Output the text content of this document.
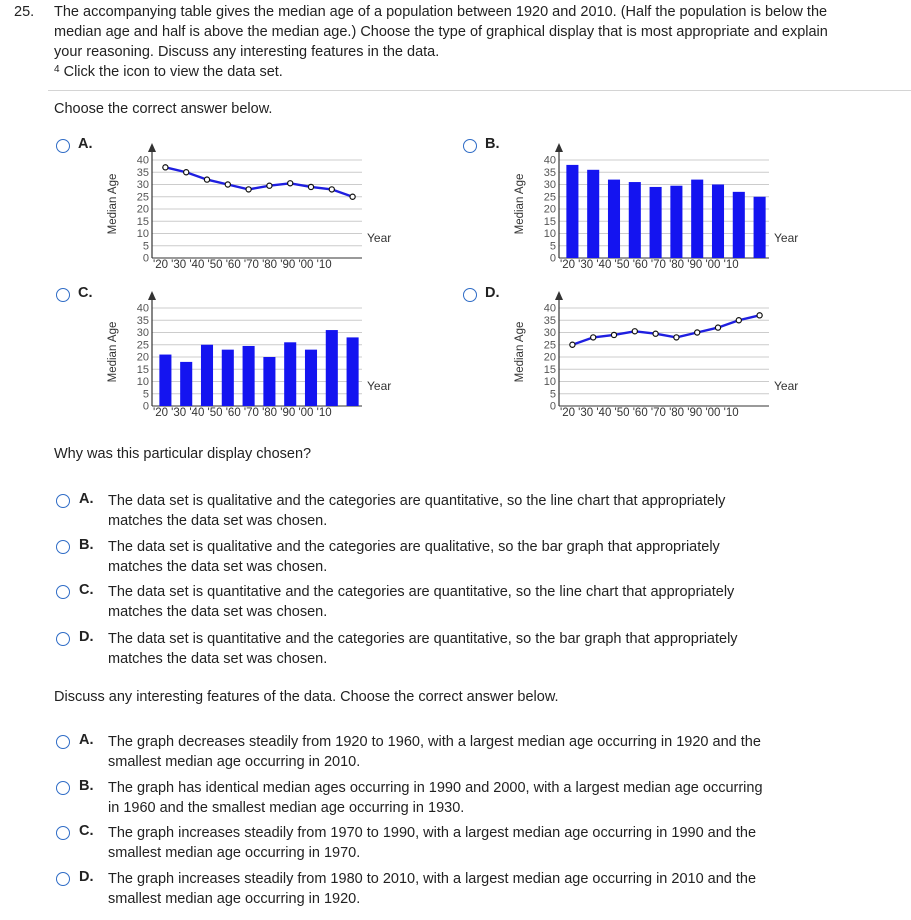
25. The accompanying table gives the median age of a population between 1920 and 2010. (Half the population is below the
median age and half is above the median age.) Choose the type of graphical display that is most appropriate and explain
your reasoning. Discuss any interesting features in the data.
$^4$ Click the icon to view the data set.
Choose the correct answer below.
A.	B.
C.	D.
40
35
30
25
20
15
10
5
0
Median Age
Year
'20 '30 '40 '50 '60 '70 '80 '90 '00 '10
40
35
30
25
20
15
10
5
0
Median Age
Year
'20 '30 '40 '50 '60 '70 '80 '90 '00 '10
40
35
30
25
20
15
10
5
0
Median Age
Year
'20 '30 '40 '50 '60 '70 '80 '90 '00 '10
40
35
30
25
20
15
10
5
0
Median Age
Year
'20 '30 '40 '50 '60 '70 '80 '90 '00 '10
Why was this particular display chosen?
A. The data set is qualitative and the categories are quantitative, so the line chart that appropriately
matches the data set was chosen.
B. The data set is qualitative and the categories are qualitative, so the bar graph that appropriately
matches the data set was chosen.
C. The data set is quantitative and the categories are quantitative, so the line chart that appropriately
matches the data set was chosen.
D. The data set is quantitative and the categories are quantitative, so the bar graph that appropriately
matches the data set was chosen.
Discuss any interesting features of the data. Choose the correct answer below.
A. The graph decreases steadily from 1920 to 1960, with a largest median age occurring in 1920 and the
smallest median age occurring in 2010.
B. The graph has identical median ages occurring in 1990 and 2000, with a largest median age occurring
in 1960 and the smallest median age occurring in 1930.
C. The graph increases steadily from 1970 to 1990, with a largest median age occurring in 1990 and the
smallest median age occurring in 1970.
D. The graph increases steadily from 1980 to 2010, with a largest median age occurring in 2010 and the
smallest median age occurring in 1920.
